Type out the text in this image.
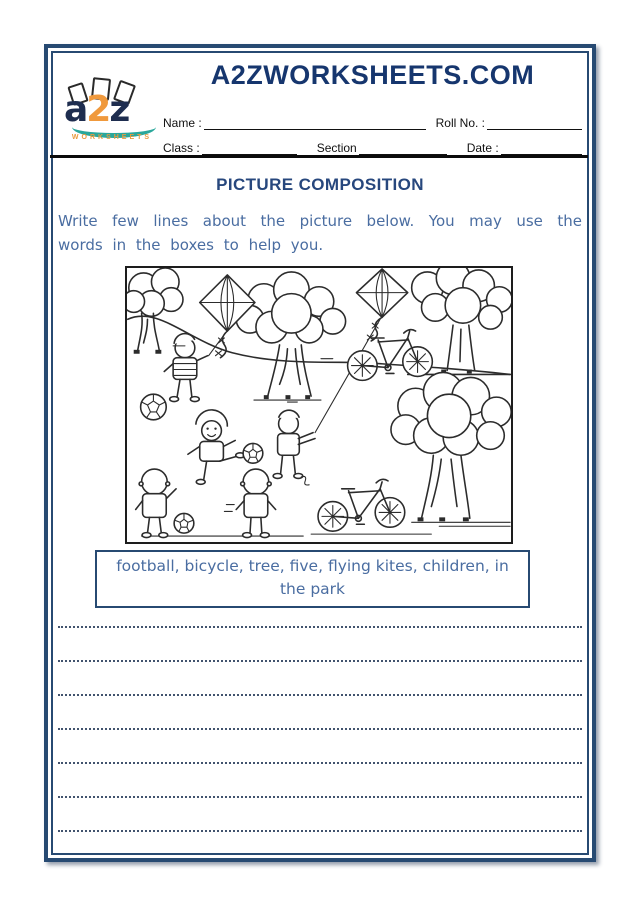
a2z
WORKSHEETS
A2ZWORKSHEETS.COM
Name :	Roll No. :
Class :	Section	Date :
PICTURE COMPOSITION
Write few lines about the picture below. You may use the words in the boxes to help you.
football, bicycle, tree, five, flying kites, children, in the park
